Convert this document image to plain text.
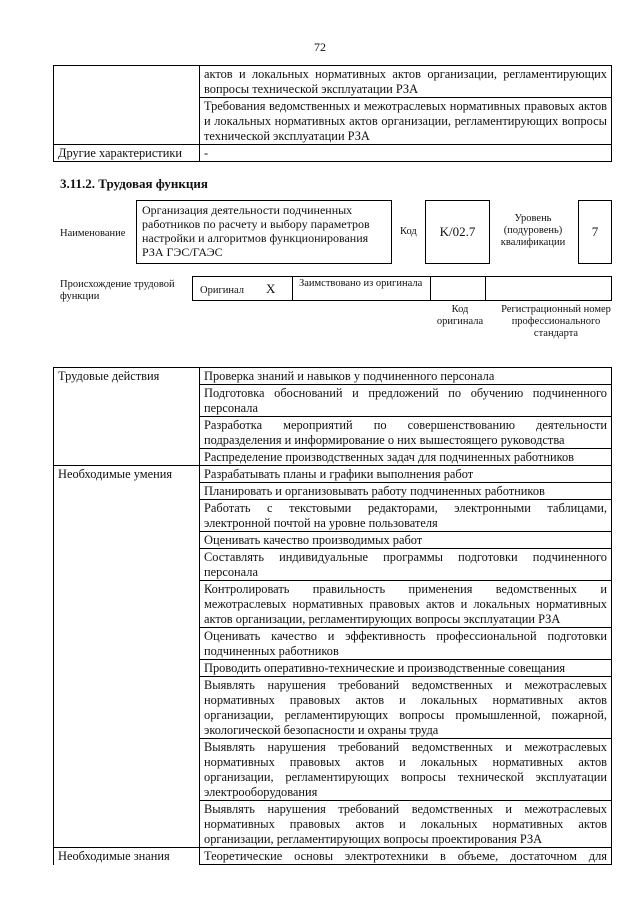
72
	актов и локальных нормативных актов организации, регламентирующих вопросы технической эксплуатации РЗА
	Требования ведомственных и межотраслевых нормативных правовых актов и локальных нормативных актов организации, регламентирующих вопросы технической эксплуатации РЗА
Другие характеристики	-
3.11.2. Трудовая функция
Наименование
Организация деятельности подчиненных работников по расчету и выбору параметров настройки и алгоритмов функционирования РЗА ГЭС/ГАЭС
Код	K/02.7
Уровень (подуровень) квалификации
7
Происхождение трудовой функции
Оригинал X Заимствовано из оригинала
Код оригинала
Регистрационный номер профессионального стандарта
Трудовые действия	Проверка знаний и навыков у подчиненного персонала
	Подготовка обоснований и предложений по обучению подчиненного персонала
	Разработка мероприятий по совершенствованию деятельности подразделения и информирование о них вышестоящего руководства
	Распределение производственных задач для подчиненных работников
Необходимые умения	Разрабатывать планы и графики выполнения работ
	Планировать и организовывать работу подчиненных работников
	Работать с текстовыми редакторами, электронными таблицами, электронной почтой на уровне пользователя
	Оценивать качество производимых работ
	Составлять индивидуальные программы подготовки подчиненного персонала
	Контролировать правильность применения ведомственных и межотраслевых нормативных правовых актов и локальных нормативных актов организации, регламентирующих вопросы эксплуатации РЗА
	Оценивать качество и эффективность профессиональной подготовки подчиненных работников
	Проводить оперативно-технические и производственные совещания
	Выявлять нарушения требований ведомственных и межотраслевых нормативных правовых актов и локальных нормативных актов организации, регламентирующих вопросы промышленной, пожарной, экологической безопасности и охраны труда
	Выявлять нарушения требований ведомственных и межотраслевых нормативных правовых актов и локальных нормативных актов организации, регламентирующих вопросы технической эксплуатации электрооборудования
	Выявлять нарушения требований ведомственных и межотраслевых нормативных правовых актов и локальных нормативных актов организации, регламентирующих вопросы проектирования РЗА
Необходимые знания	Теоретические основы электротехники в объеме, достаточном для
